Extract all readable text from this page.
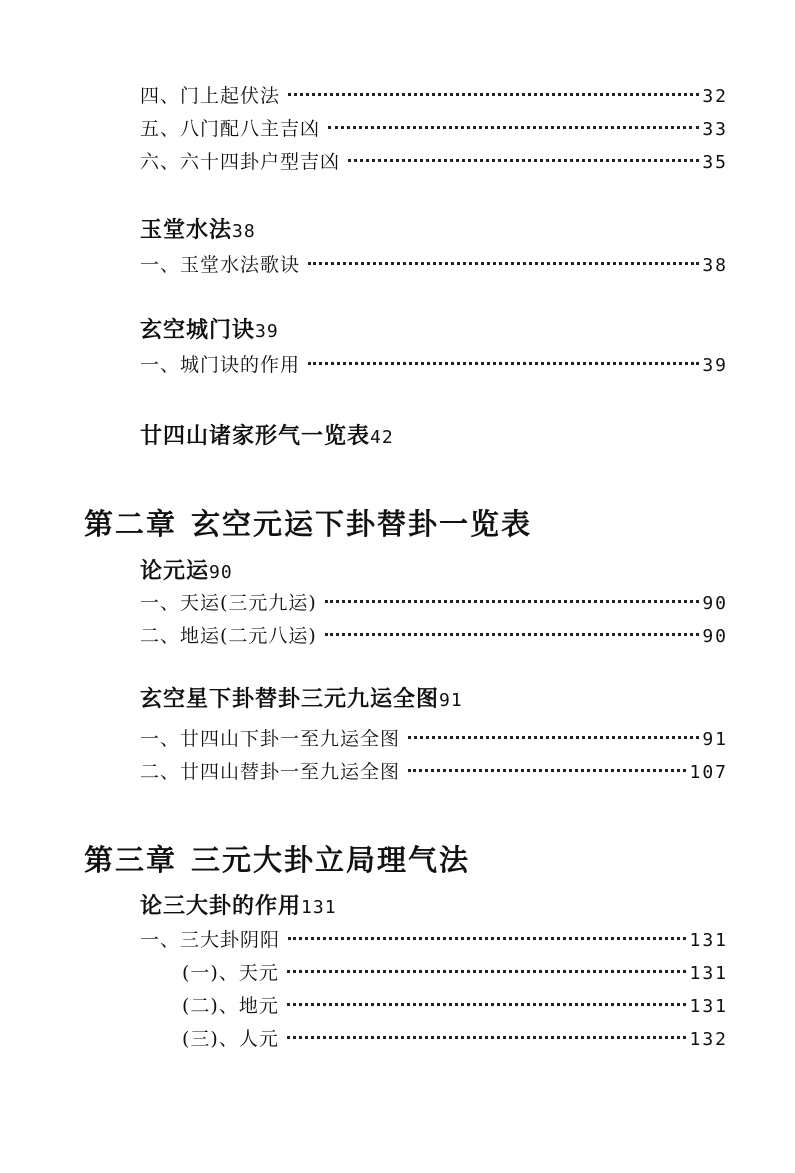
四、门上起伏法	32
五、八门配八主吉凶	33
六、六十四卦户型吉凶	35
玉堂水法38
一、玉堂水法歌诀	38
玄空城门诀39
一、城门诀的作用	39
廿四山诸家形气一览表42
第二章 玄空元运下卦替卦一览表
论元运90
一、天运(三元九运)	90
二、地运(二元八运)	90
玄空星下卦替卦三元九运全图91
一、廿四山下卦一至九运全图	91
二、廿四山替卦一至九运全图	107
第三章 三元大卦立局理气法
论三大卦的作用131
一、三大卦阴阳	131
(一)、天元	131
(二)、地元	131
(三)、人元	132
